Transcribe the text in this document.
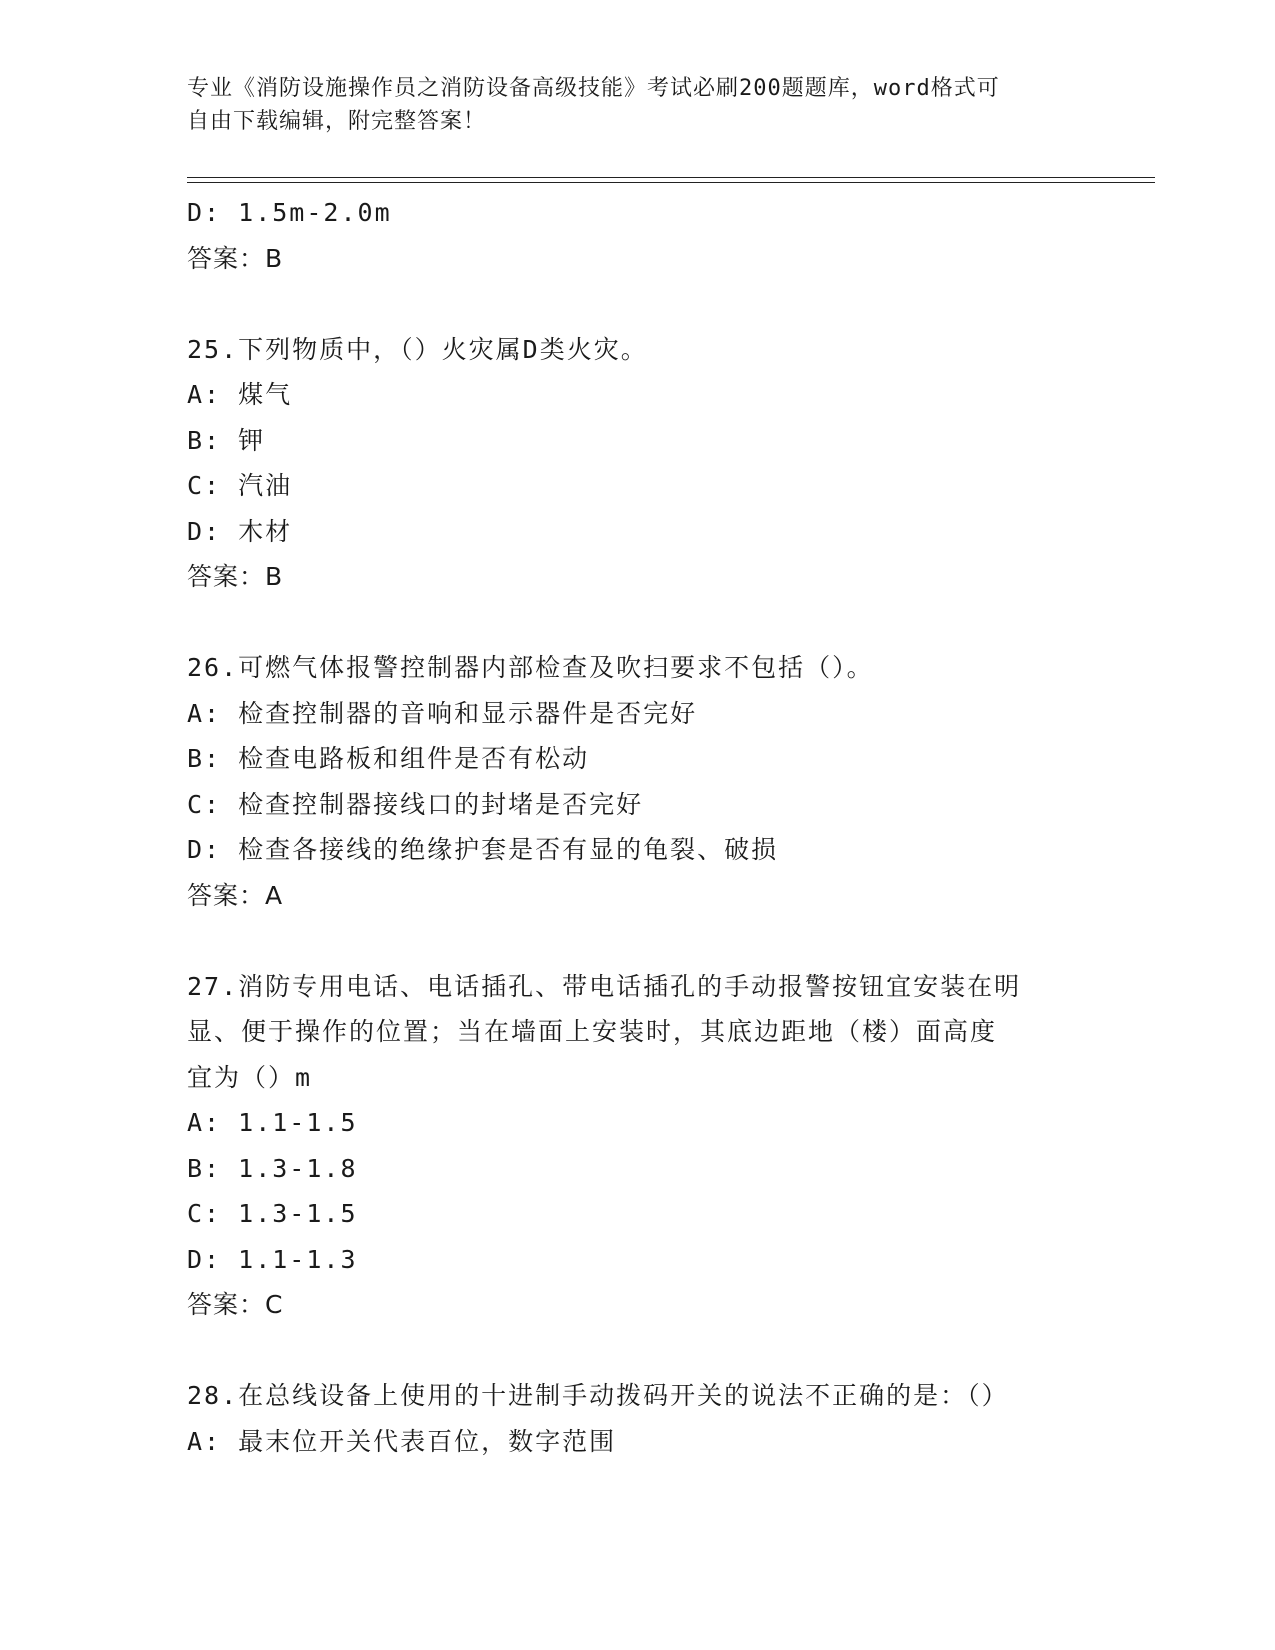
专业《消防设施操作员之消防设备高级技能》考试必刷200题题库，word格式可
自由下载编辑，附完整答案！
D: 1.5m-2.0m
答案：B
25.下列物质中，（）火灾属D类火灾。
A: 煤气
B: 钾
C: 汽油
D: 木材
答案：B
26.可燃气体报警控制器内部检查及吹扫要求不包括（）。
A: 检查控制器的音响和显示器件是否完好
B: 检查电路板和组件是否有松动
C: 检查控制器接线口的封堵是否完好
D: 检查各接线的绝缘护套是否有显的龟裂、破损
答案：A
27.消防专用电话、电话插孔、带电话插孔的手动报警按钮宜安装在明
显、便于操作的位置；当在墙面上安装时，其底边距地（楼）面高度
宜为（）m
A: 1.1-1.5
B: 1.3-1.8
C: 1.3-1.5
D: 1.1-1.3
答案：C
28.在总线设备上使用的十进制手动拨码开关的说法不正确的是：（）
A: 最末位开关代表百位，数字范围
